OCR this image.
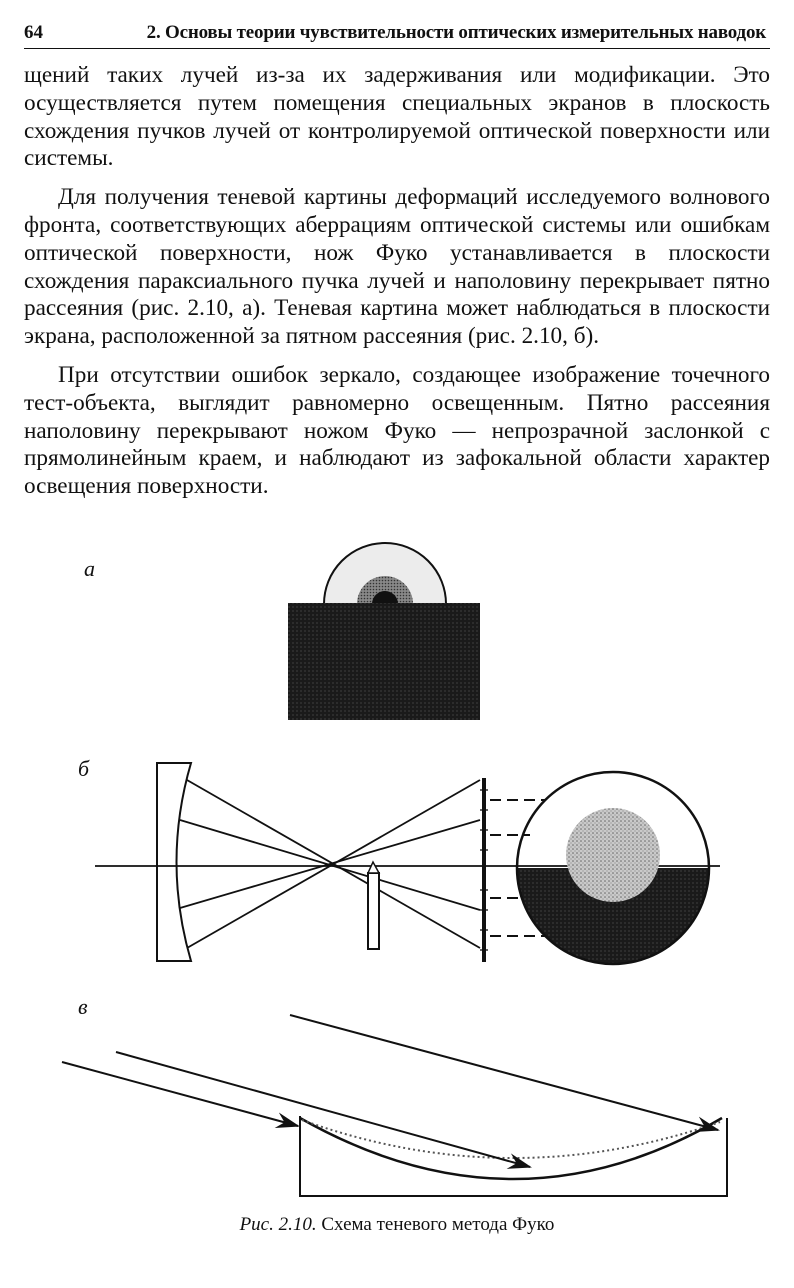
64	2. Основы теории чувствительности оптических измерительных наводок

щений таких лучей из-за их задерживания или модификации. Это осуществляется путем помещения специальных экранов в плоскость схождения пучков лучей от контролируемой оптической поверхности или системы.

Для получения теневой картины деформаций исследуемого волнового фронта, соответствующих аберрациям оптической системы или ошибкам оптической поверхности, нож Фуко устанавливается в плоскости схождения параксиального пучка лучей и наполовину перекрывает пятно рассеяния (рис. 2.10, а). Теневая картина может наблюдаться в плоскости экрана, расположенной за пятном рассеяния (рис. 2.10, б).

При отсутствии ошибок зеркало, создающее изображение точечного тест-объекта, выглядит равномерно освещенным. Пятно рассеяния наполовину перекрывают ножом Фуко — непрозрачной заслонкой с прямолинейным краем, и наблюдают из зафокальной области характер освещения поверхности.

а
б
в
Рис. 2.10. Схема теневого метода Фуко
